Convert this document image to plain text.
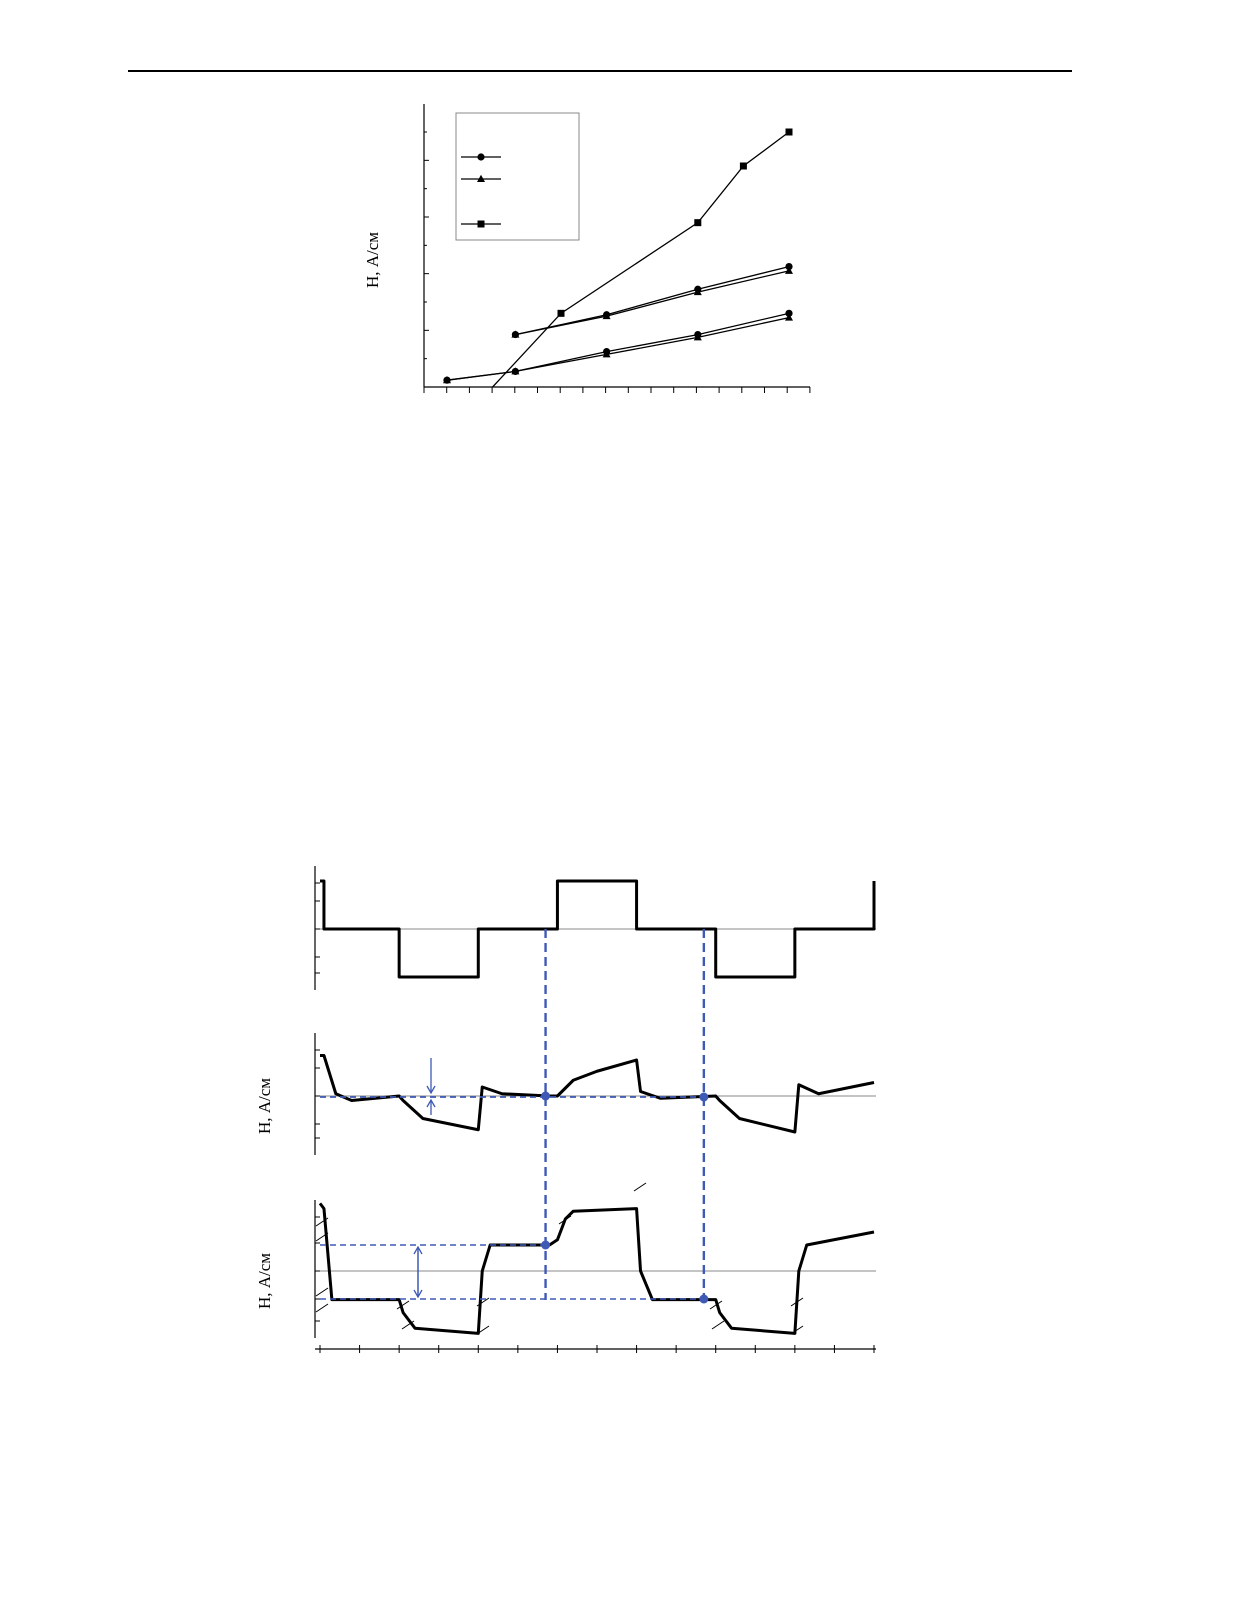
H, А/см
H, А/см
H, А/см
